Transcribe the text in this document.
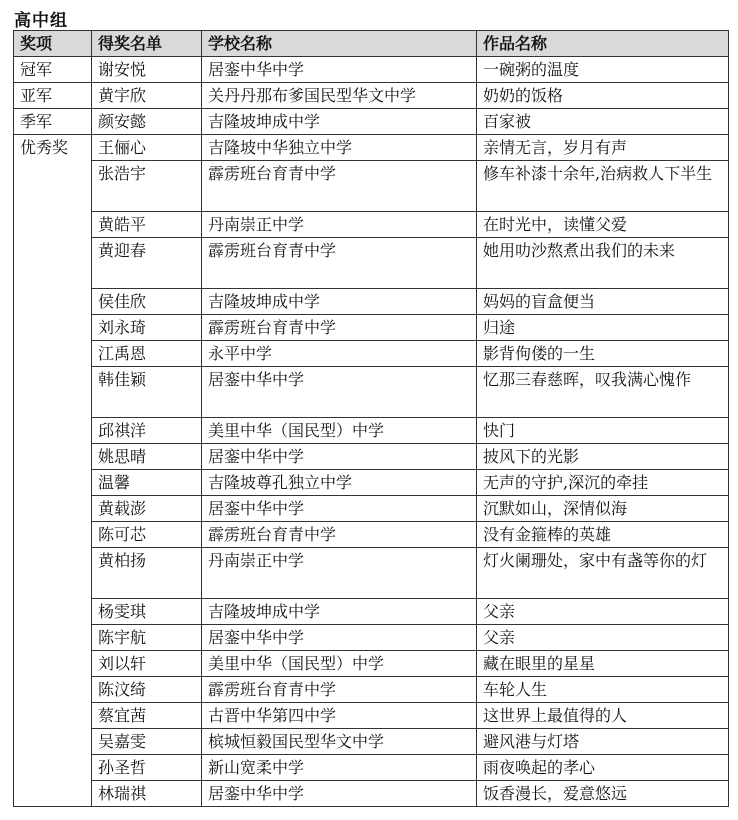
高中组
奖项	得奖名单	学校名称	作品名称
冠军	谢安悦	居銮中华中学	一碗粥的温度
亚军	黄宇欣	关丹丹那布爹国民型华文中学	奶奶的饭格
季军	颜安懿	吉隆坡坤成中学	百家被
优秀奖	王俪心	吉隆坡中华独立中学	亲情无言，岁月有声
	张浩宇	霹雳班台育青中学	修车补漆十余年,治病救人下半生
	黄皓平	丹南崇正中学	在时光中，读懂父爱
	黄迎春	霹雳班台育青中学	她用叻沙熬煮出我们的未来
	侯佳欣	吉隆坡坤成中学	妈妈的盲盒便当
	刘永琦	霹雳班台育青中学	归途
	江禹恩	永平中学	影背佝偻的一生
	韩佳颖	居銮中华中学	忆那三春慈晖，叹我满心愧作
	邱祺洋	美里中华（国民型）中学	快门
	姚思晴	居銮中华中学	披风下的光影
	温馨	吉隆坡尊孔独立中学	无声的守护,深沉的牵挂
	黄载澎	居銮中华中学	沉默如山，深情似海
	陈可芯	霹雳班台育青中学	没有金箍棒的英雄
	黄柏扬	丹南崇正中学	灯火阑珊处，家中有盏等你的灯
	杨雯琪	吉隆坡坤成中学	父亲
	陈宇航	居銮中华中学	父亲
	刘以轩	美里中华（国民型）中学	藏在眼里的星星
	陈汶绮	霹雳班台育青中学	车轮人生
	蔡宜茜	古晋中华第四中学	这世界上最值得的人
	吴嘉雯	槟城恒毅国民型华文中学	避风港与灯塔
	孙圣哲	新山宽柔中学	雨夜唤起的孝心
	林瑞祺	居銮中华中学	饭香漫长，爱意悠远
